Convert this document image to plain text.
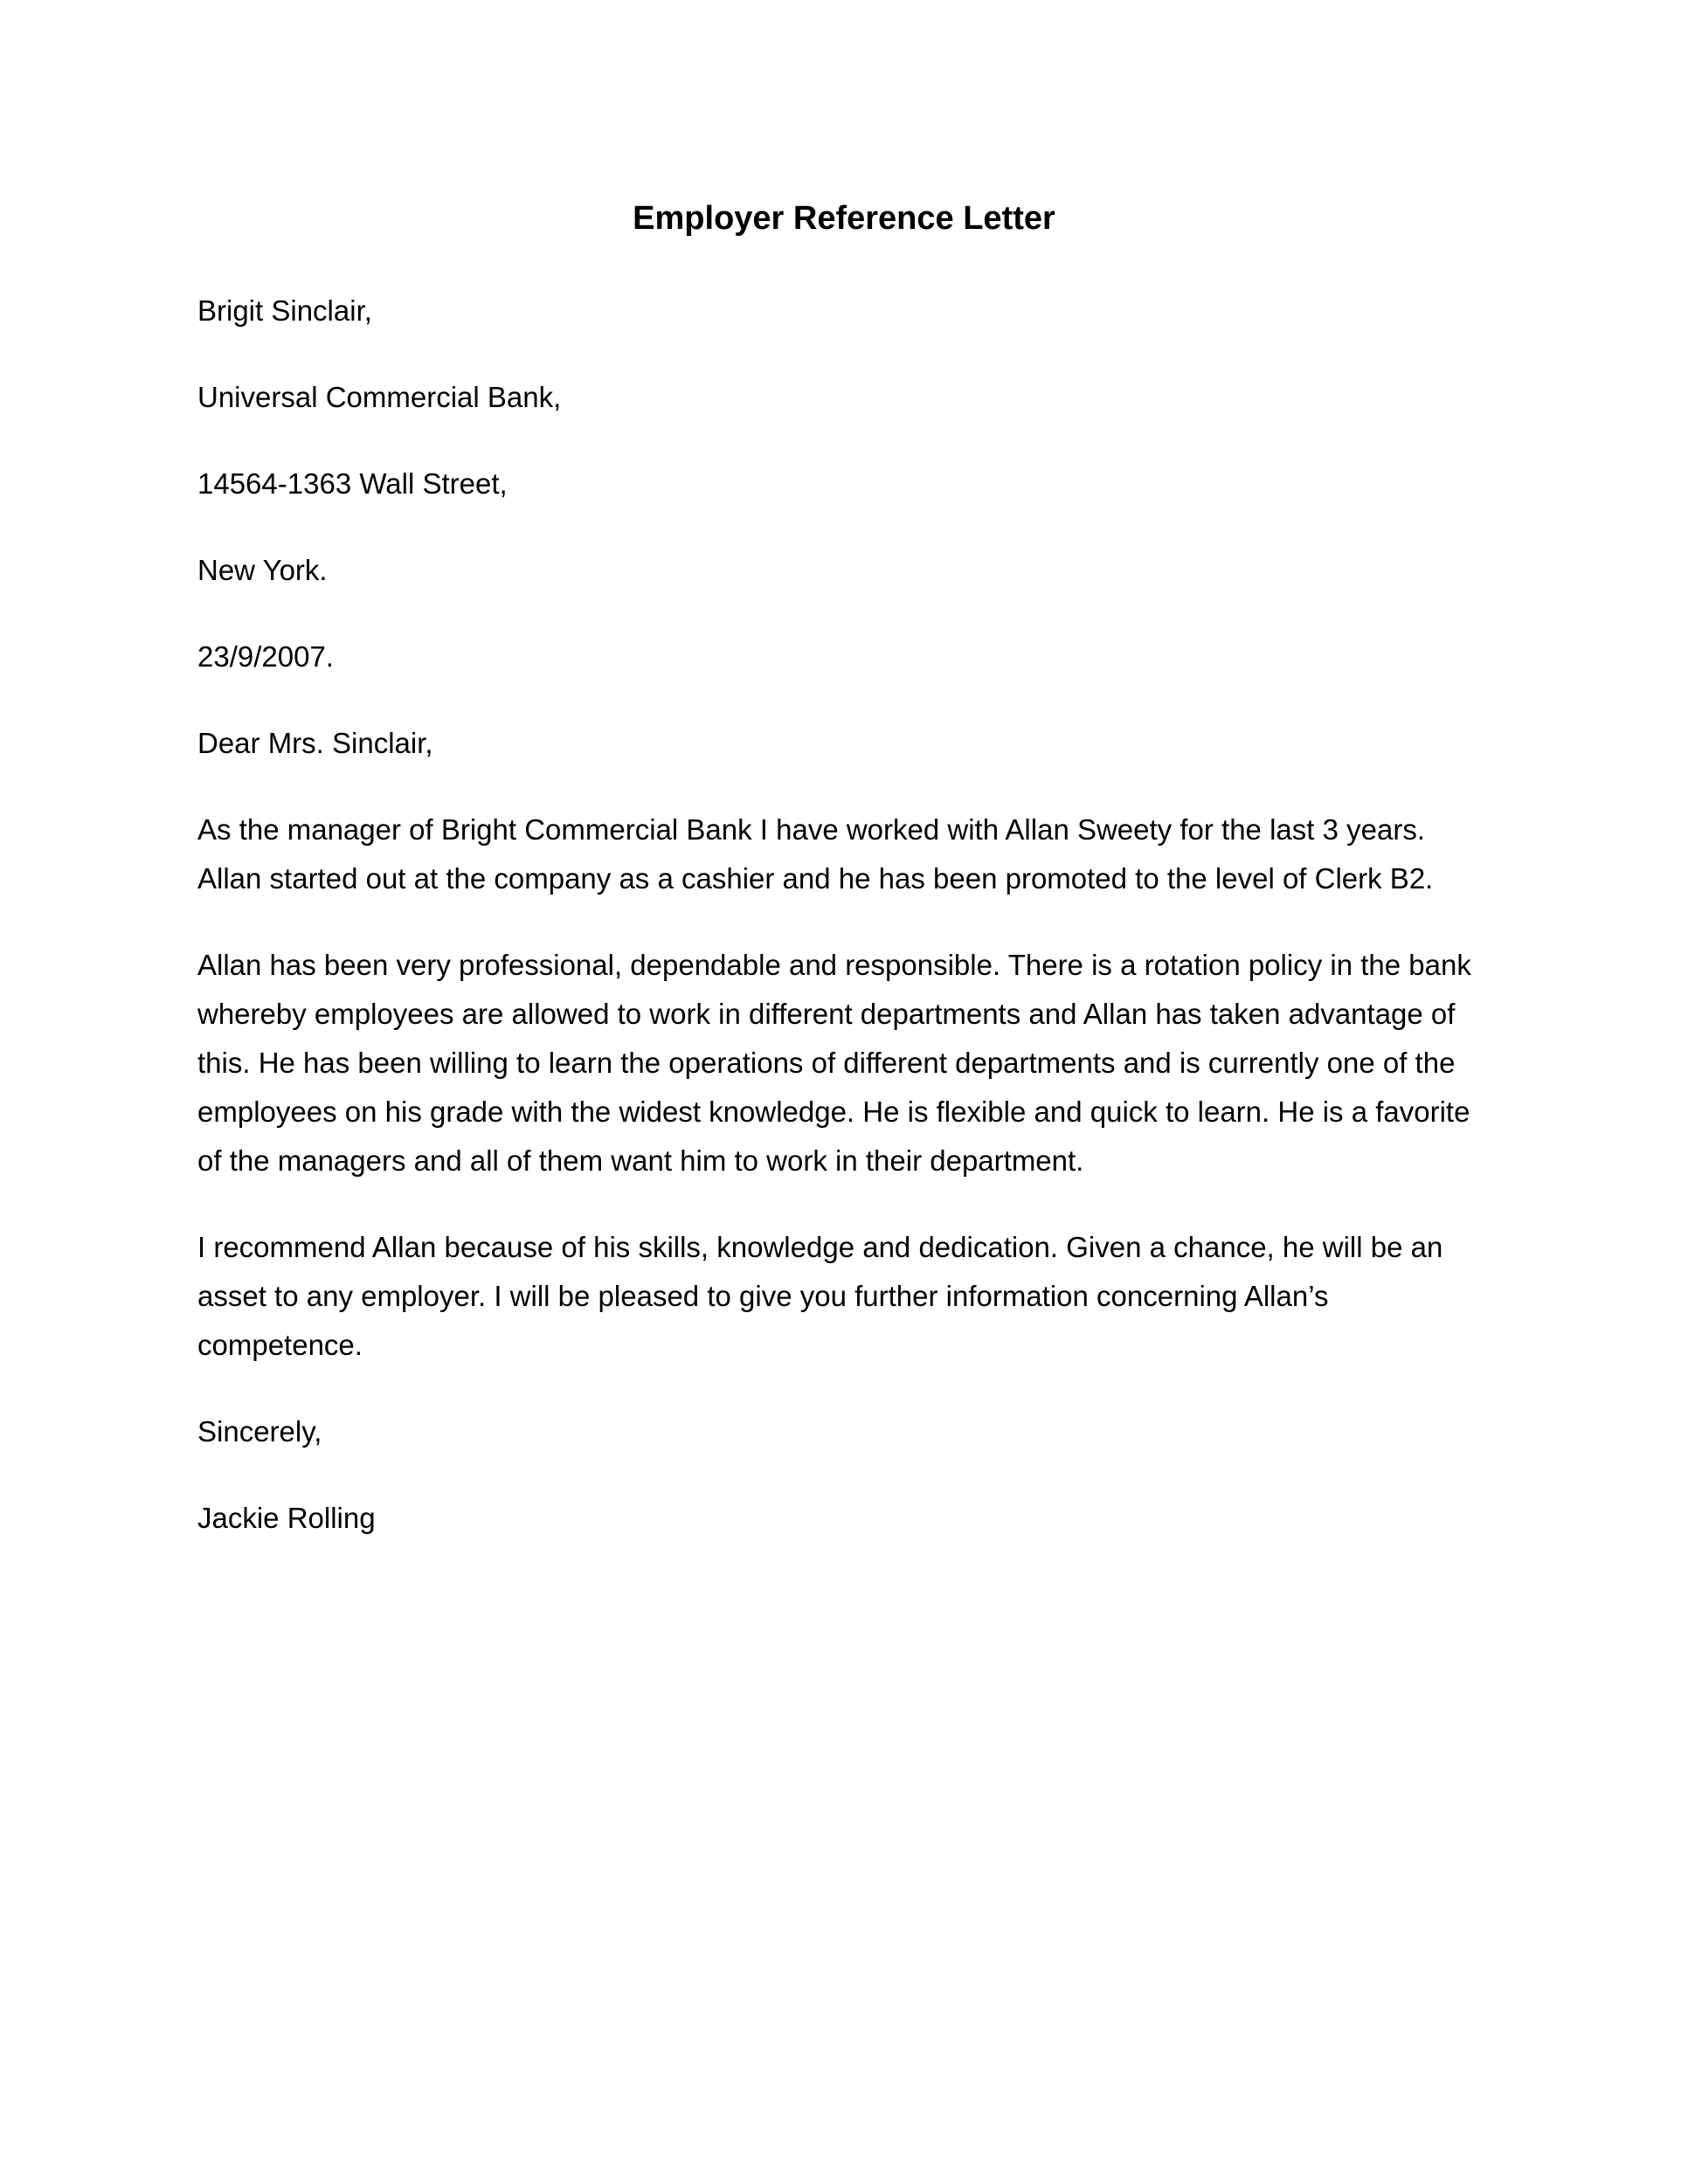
Employer Reference Letter

Brigit Sinclair,

Universal Commercial Bank,

14564-1363 Wall Street,

New York.

23/9/2007.

Dear Mrs. Sinclair,

As the manager of Bright Commercial Bank I have worked with Allan Sweety for the last 3 years.
Allan started out at the company as a cashier and he has been promoted to the level of Clerk B2.

Allan has been very professional, dependable and responsible. There is a rotation policy in the bank
whereby employees are allowed to work in different departments and Allan has taken advantage of
this. He has been willing to learn the operations of different departments and is currently one of the
employees on his grade with the widest knowledge. He is flexible and quick to learn. He is a favorite
of the managers and all of them want him to work in their department.

I recommend Allan because of his skills, knowledge and dedication. Given a chance, he will be an
asset to any employer. I will be pleased to give you further information concerning Allan’s
competence.

Sincerely,

Jackie Rolling
